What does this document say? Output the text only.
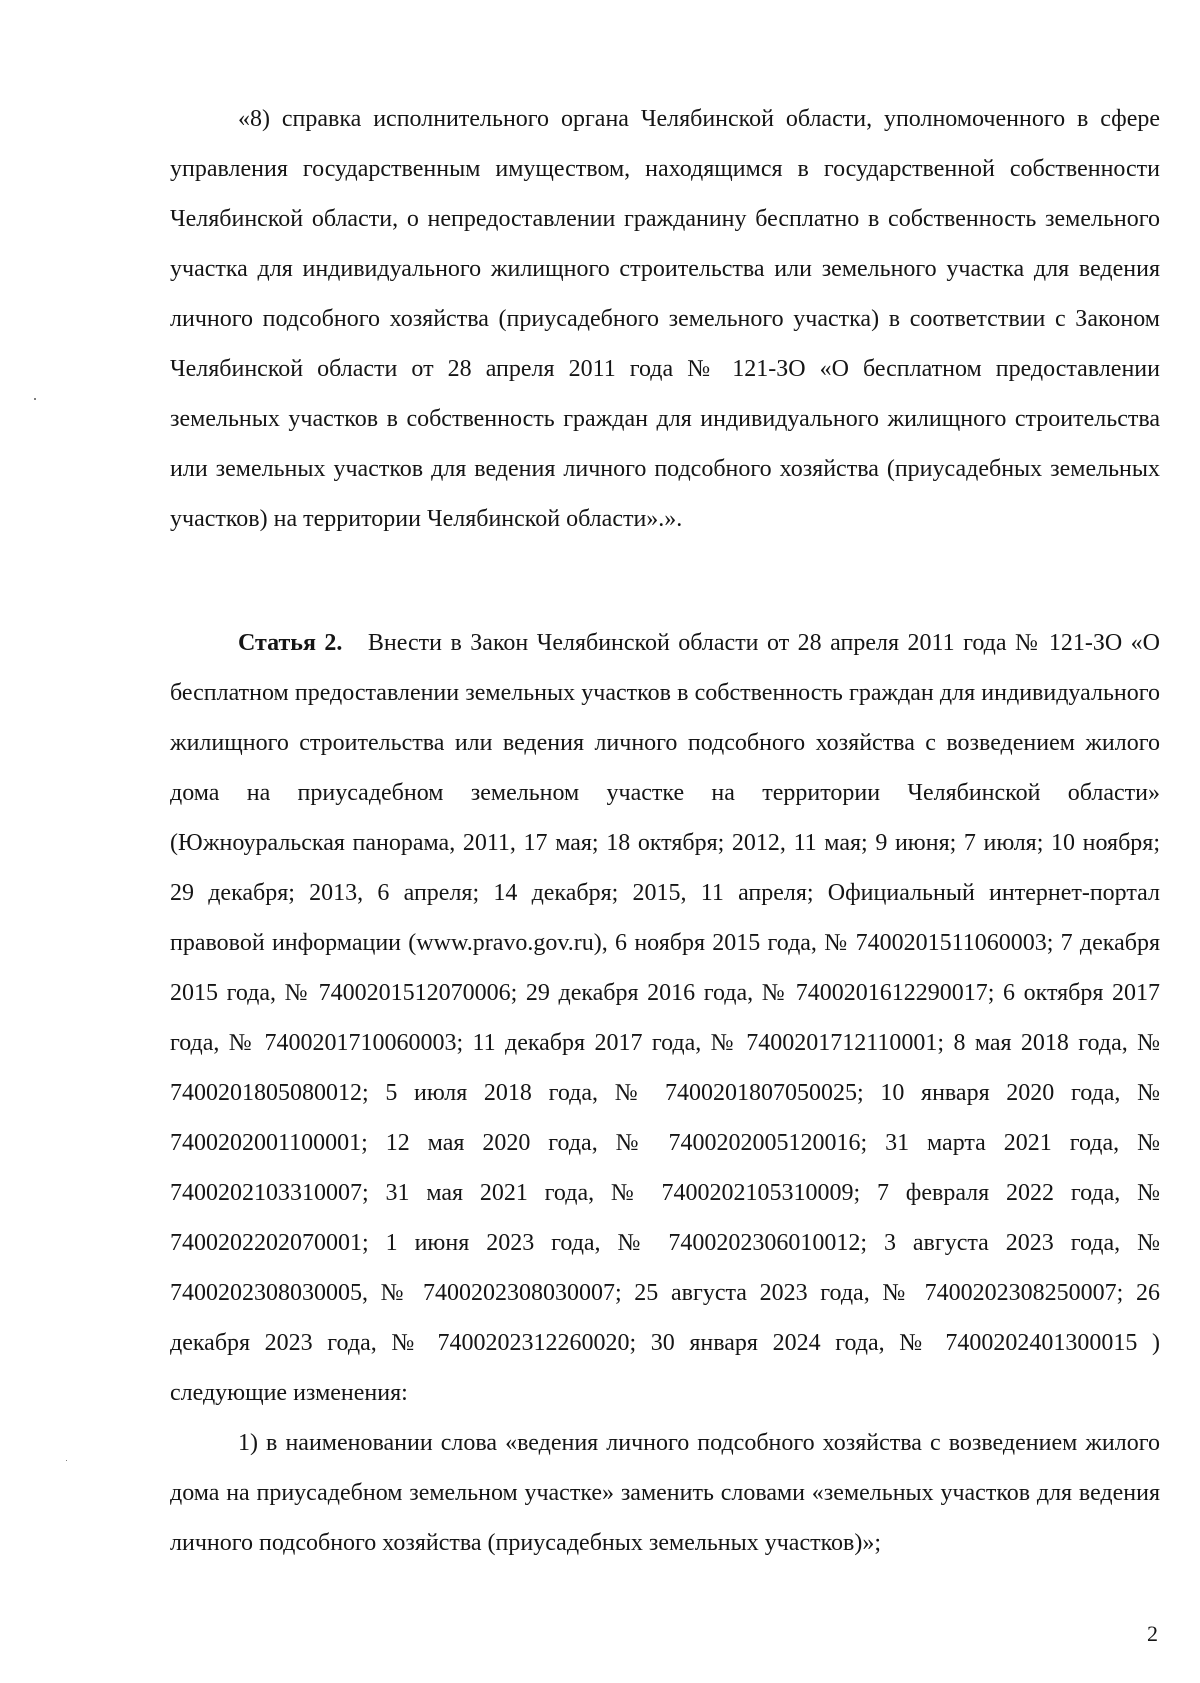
«8) справка исполнительного органа Челябинской области, уполномоченного в сфере управления государственным имуществом, находящимся в государственной собственности Челябинской области, о непредоставлении гражданину бесплатно в собственность земельного участка для индивидуального жилищного строительства или земельного участка для ведения личного подсобного хозяйства (приусадебного земельного участка) в соответствии с Законом Челябинской области от 28 апреля 2011 года № 121-ЗО «О бесплатном предоставлении земельных участков в собственность граждан для индивидуального жилищного строительства или земельных участков для ведения личного подсобного хозяйства (приусадебных земельных участков) на территории Челябинской области».».

Статья 2. Внести в Закон Челябинской области от 28 апреля 2011 года № 121-ЗО «О бесплатном предоставлении земельных участков в собственность граждан для индивидуального жилищного строительства или ведения личного подсобного хозяйства с возведением жилого дома на приусадебном земельном участке на территории Челябинской области» (Южноуральская панорама, 2011, 17 мая; 18 октября; 2012, 11 мая; 9 июня; 7 июля; 10 ноября; 29 декабря; 2013, 6 апреля; 14 декабря; 2015, 11 апреля; Официальный интернет-портал правовой информации (www.pravo.gov.ru), 6 ноября 2015 года, № 7400201511060003; 7 декабря 2015 года, № 7400201512070006; 29 декабря 2016 года, № 7400201612290017; 6 октября 2017 года, № 7400201710060003; 11 декабря 2017 года, № 7400201712110001; 8 мая 2018 года, № 7400201805080012; 5 июля 2018 года, № 7400201807050025; 10 января 2020 года, № 7400202001100001; 12 мая 2020 года, № 7400202005120016; 31 марта 2021 года, № 7400202103310007; 31 мая 2021 года, № 7400202105310009; 7 февраля 2022 года, № 7400202202070001; 1 июня 2023 года, № 7400202306010012; 3 августа 2023 года, № 7400202308030005, № 7400202308030007; 25 августа 2023 года, № 7400202308250007; 26 декабря 2023 года, № 7400202312260020; 30 января 2024 года, № 7400202401300015 ) следующие изменения:

1) в наименовании слова «ведения личного подсобного хозяйства с возведением жилого дома на приусадебном земельном участке» заменить словами «земельных участков для ведения личного подсобного хозяйства (приусадебных земельных участков)»;

2
